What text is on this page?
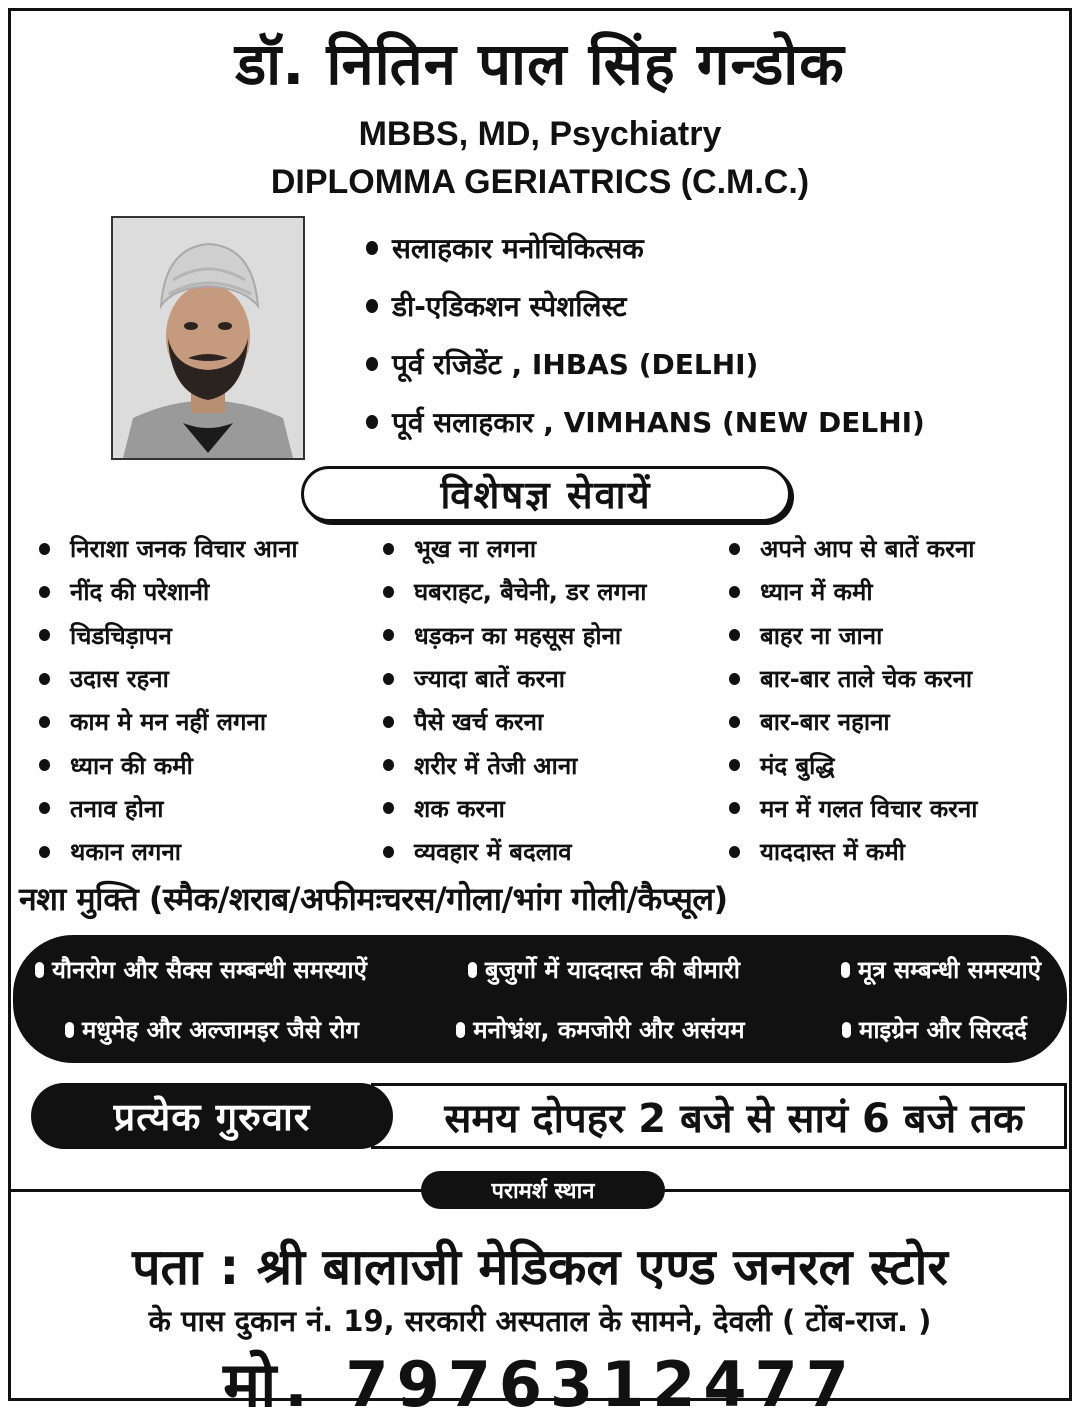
डॉ. नितिन पाल सिंह गन्डोक
MBBS, MD, Psychiatry
DIPLOMMA GERIATRICS (C.M.C.)
सलाहकार मनोचिकित्सक
डी-एडिकशन स्पेशलिस्ट
पूर्व रजिडेंट , IHBAS (DELHI)
पूर्व सलाहकार , VIMHANS (NEW DELHI)
विशेषज्ञ सेवायें
निराशा जनक विचार आना
नींद की परेशानी
चिडचिड़ापन
उदास रहना
काम मे मन नहीं लगना
ध्यान की कमी
तनाव होना
थकान लगना
भूख ना लगना
घबराहट, बैचेनी, डर लगना
धड़कन का महसूस होना
ज्यादा बातें करना
पैसे खर्च करना
शरीर में तेजी आना
शक करना
व्यवहार में बदलाव
अपने आप से बातें करना
ध्यान में कमी
बाहर ना जाना
बार-बार ताले चेक करना
बार-बार नहाना
मंद बुद्धि
मन में गलत विचार करना
याददास्त में कमी
नशा मुक्ति (स्मैक/शराब/अफीमःचरस/गोला/भांग गोली/कैप्सूल)
यौनरोग और सैक्स सम्बन्धी समस्याऐं	बुजुर्गो में याददास्त की बीमारी	मूत्र सम्बन्धी समस्याऐ
मधुमेह और अल्जामइर जैसे रोग	मनोभ्रंश, कमजोरी और असंयम	माइग्रेन और सिरदर्द
प्रत्येक गुरुवार	समय दोपहर 2 बजे से सायं 6 बजे तक
परामर्श स्थान
पता : श्री बालाजी मेडिकल एण्ड जनरल स्टोर
के पास दुकान नं. 19, सरकारी अस्पताल के सामने, देवली ( टोंब-राज. )
मो. 7976312477
